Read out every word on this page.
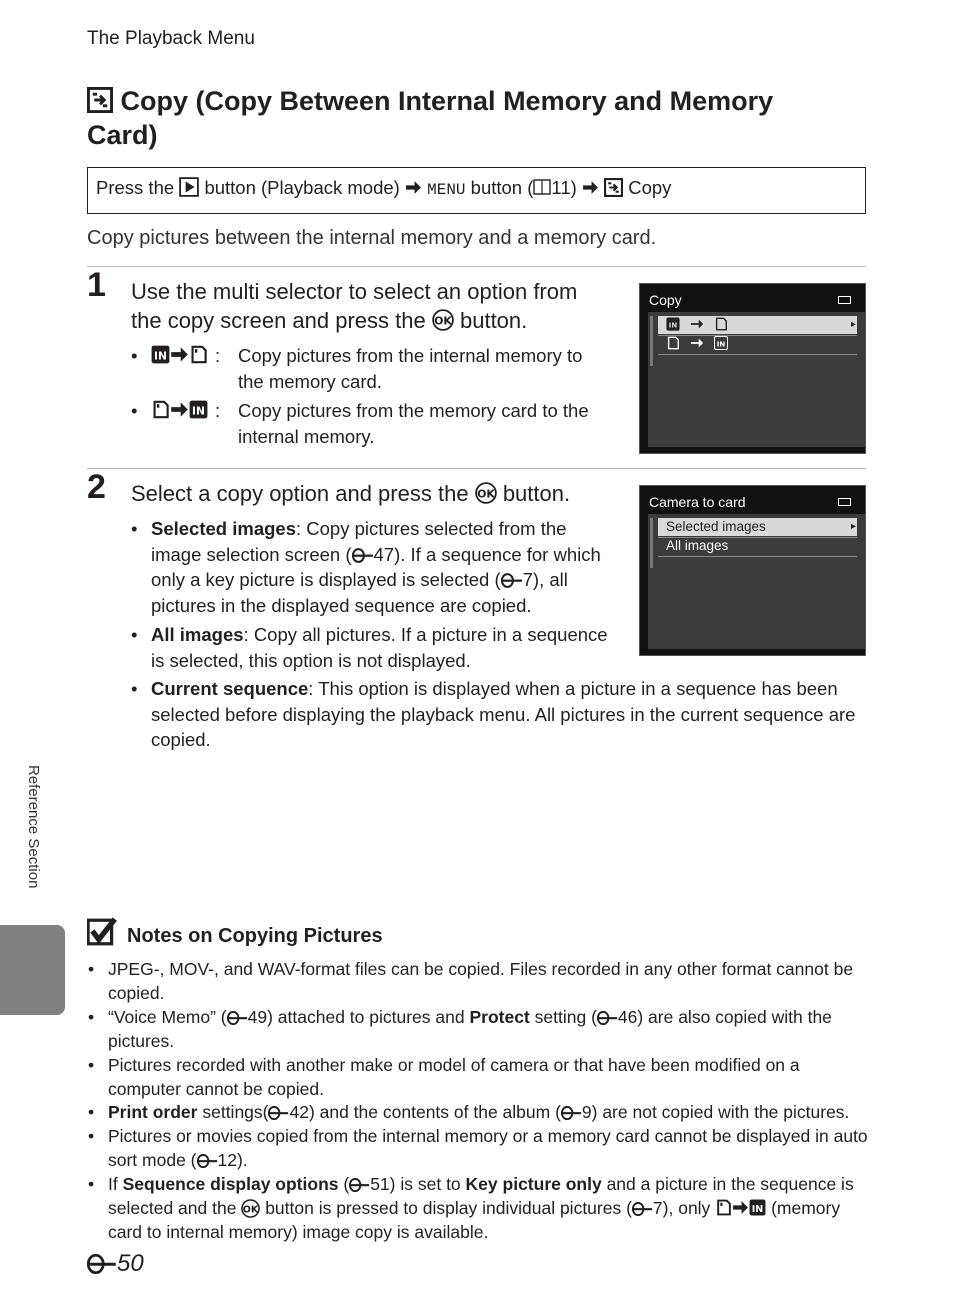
The Playback Menu
Copy (Copy Between Internal Memory and Memory Card)
Press the button (Playback mode) MENU button ( 11)	Copy
Copy pictures between the internal memory and a memory card.
1 Use the multi selector to select an option from
the copy screen and press the button.
•	: Copy pictures from the internal memory to
the memory card.
•	: Copy pictures from the memory card to the
internal memory.
Copy
▸

2 Select a copy option and press the button.
• Selected images: Copy pictures selected from the
image selection screen ( 47). If a sequence for which
only a key picture is displayed is selected ( 7), all
pictures in the displayed sequence are copied.
• All images: Copy all pictures. If a picture in a sequence
is selected, this option is not displayed.
• Current sequence: This option is displayed when a picture in a sequence has been
selected before displaying the playback menu. All pictures in the current sequence are
copied.
Camera to card
Selected images ▸
All images
Reference Section
Notes on Copying Pictures
• JPEG-, MOV-, and WAV-format files can be copied. Files recorded in any other format cannot be
copied.
• “Voice Memo” ( 49) attached to pictures and Protect setting ( 46) are also copied with the
pictures.
• Pictures recorded with another make or model of camera or that have been modified on a
computer cannot be copied.
• Print order settings( 42) and the contents of the album ( 9) are not copied with the pictures.
• Pictures or movies copied from the internal memory or a memory card cannot be displayed in auto
sort mode ( 12).
• If Sequence display options ( 51) is set to Key picture only and a picture in the sequence is
selected and the button is pressed to display individual pictures ( 7), only	(memory
card to internal memory) image copy is available.
50
